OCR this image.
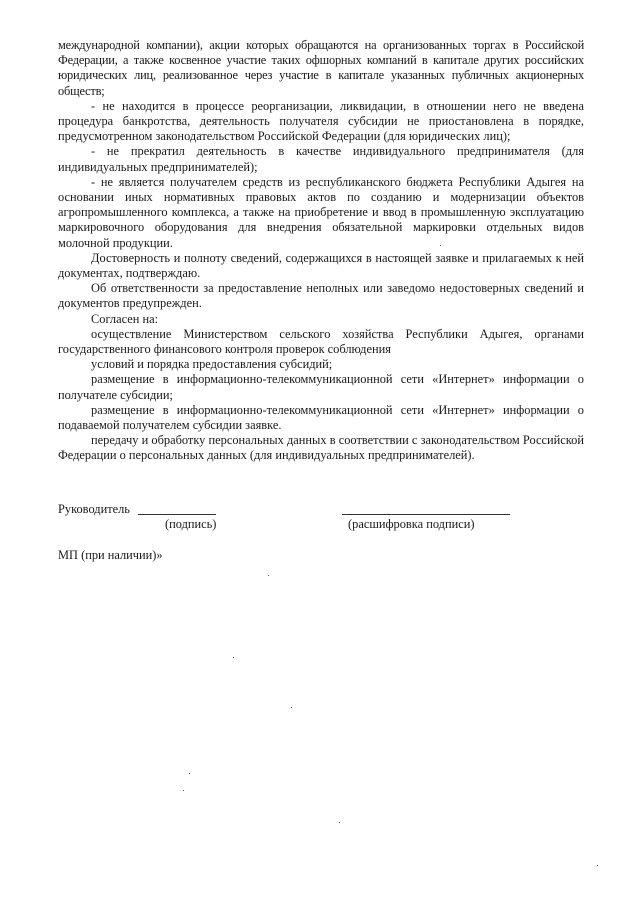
международной компании), акции которых обращаются на организованных торгах в Российской Федерации, а также косвенное участие таких офшорных компаний в капитале других российских юридических лиц, реализованное через участие в капитале указанных публичных акционерных обществ;

- не находится в процессе реорганизации, ликвидации, в отношении него не введена процедура банкротства, деятельность получателя субсидии не приостановлена в порядке, предусмотренном законодательством Российской Федерации (для юридических лиц);

- не прекратил деятельность в качестве индивидуального предпринимателя (для индивидуальных предпринимателей);

- не является получателем средств из республиканского бюджета Республики Адыгея на основании иных нормативных правовых актов по созданию и модернизации объектов агропромышленного комплекса, а также на приобретение и ввод в промышленную эксплуатацию маркировочного оборудования для внедрения обязательной маркировки отдельных видов молочной продукции.

Достоверность и полноту сведений, содержащихся в настоящей заявке и прилагаемых к ней документах, подтверждаю.

Об ответственности за предоставление неполных или заведомо недостоверных сведений и документов предупрежден.

Согласен на:

осуществление Министерством сельского хозяйства Республики Адыгея, органами государственного финансового контроля проверок соблюдения

условий и порядка предоставления субсидий;

размещение в информационно-телекоммуникационной сети «Интернет» информации о получателе субсидии;

размещение в информационно-телекоммуникационной сети «Интернет» информации о подаваемой получателем субсидии заявке.

передачу и обработку персональных данных в соответствии с законодательством Российской Федерации о персональных данных (для индивидуальных предпринимателей).

Руководитель
(подпись)	(расшифровка подписи)
МП (при наличии)»
